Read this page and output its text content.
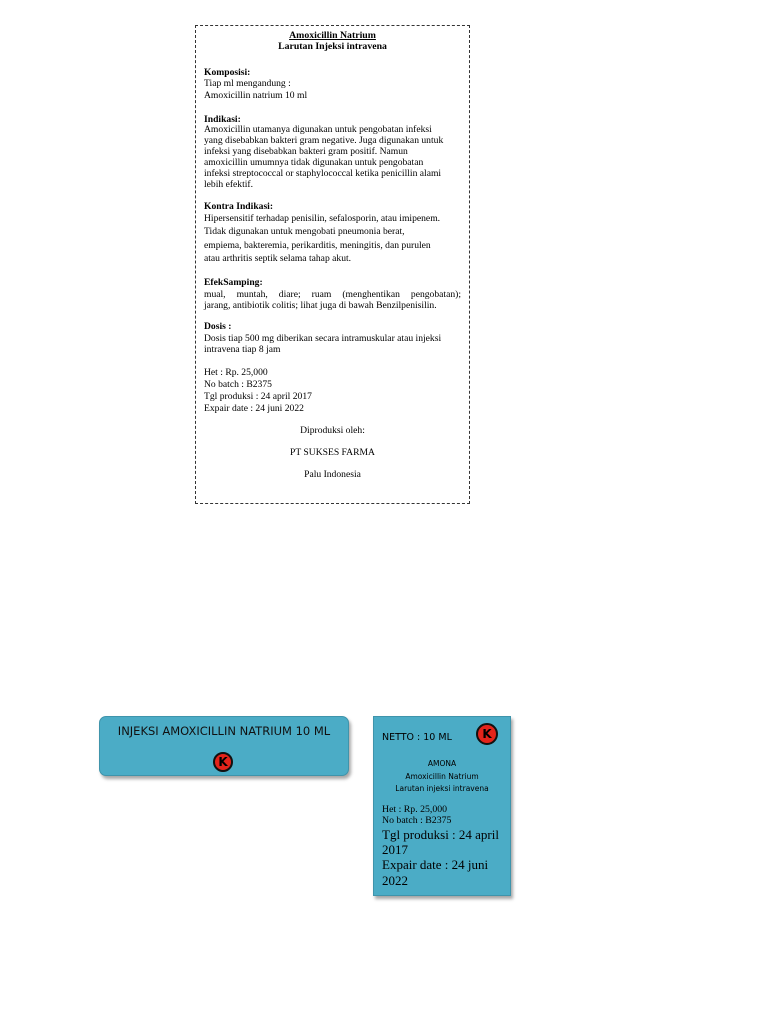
Amoxicillin Natrium
Larutan Injeksi intravena
Komposisi:
Tiap ml mengandung :
Amoxicillin natrium 10 ml
Indikasi:
Amoxicillin utamanya digunakan untuk pengobatan infeksi
yang disebabkan bakteri gram negative. Juga digunakan untuk
infeksi yang disebabkan bakteri gram positif. Namun
amoxicillin umumnya tidak digunakan untuk pengobatan
infeksi streptococcal or staphylococcal ketika penicillin alami
lebih efektif.
Kontra Indikasi:
Hipersensitif terhadap penisilin, sefalosporin, atau imipenem.
Tidak digunakan untuk mengobati pneumonia berat,
empiema, bakteremia, perikarditis, meningitis, dan purulen
atau arthritis septik selama tahap akut.
EfekSamping:
mual, muntah, diare; ruam (menghentikan pengobatan);
jarang, antibiotik colitis; lihat juga di bawah Benzilpenisilin.
Dosis :
Dosis tiap 500 mg diberikan secara intramuskular atau injeksi
intravena tiap 8 jam
Het : Rp. 25,000
No batch : B2375
Tgl produksi : 24 april 2017
Expair date : 24 juni 2022
Diproduksi oleh:
PT SUKSES FARMA
Palu Indonesia
INJEKSI AMOXICILLIN NATRIUM 10 ML
K
NETTO : 10 ML	K
AMONA
Amoxicillin Natrium
Larutan injeksi intravena
Het : Rp. 25,000
No batch : B2375
Tgl produksi : 24 april 2017
Expair date : 24 juni 2022
